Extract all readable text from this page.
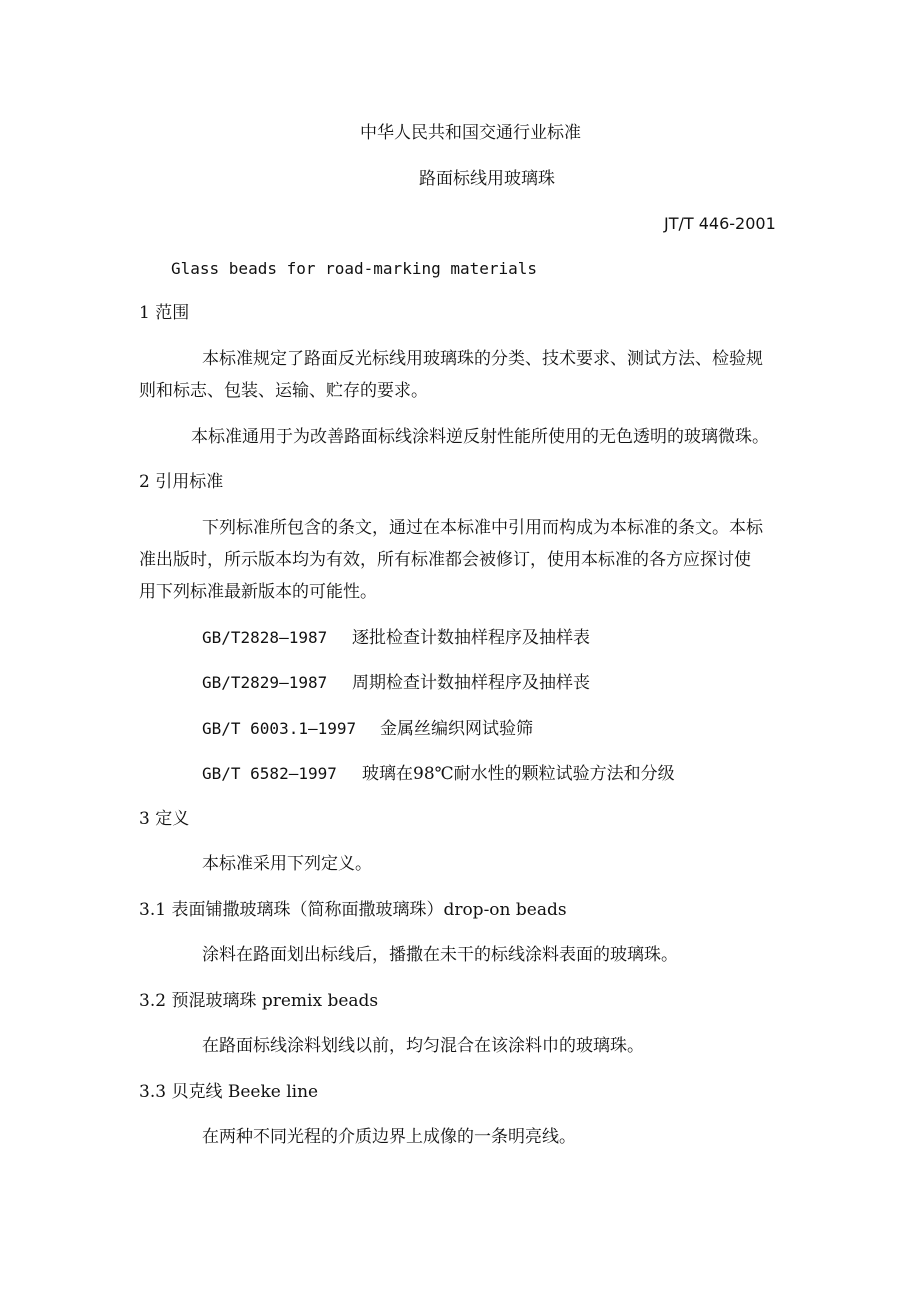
中华人民共和国交通行业标准
路面标线用玻璃珠
JT/T 446-2001
Glass beads for road-marking materials
1 范围
本标准规定了路面反光标线用玻璃珠的分类、技术要求、测试方法、检验规
则和标志、包装、运输、贮存的要求。
本标准通用于为改善路面标线涂料逆反射性能所使用的无色透明的玻璃微珠。
2 引用标准
下列标准所包含的条文，通过在本标准中引用而构成为本标准的条文。本标
准出版时，所示版本均为有效，所有标准都会被修订，使用本标准的各方应探讨使
用下列标准最新版本的可能性。
GB/T2828—1987 逐批检查计数抽样程序及抽样表
GB/T2829—1987 周期检查计数抽样程序及抽样丧
GB/T 6003.1—1997 金属丝编织网试验筛
GB/T 6582—1997 玻璃在98℃耐水性的颗粒试验方法和分级
3 定义
本标准采用下列定义。
3.1 表面铺撒玻璃珠（简称面撒玻璃珠）drop-on beads
涂料在路面划出标线后，播撒在未干的标线涂料表面的玻璃珠。
3.2 预混玻璃珠 premix beads
在路面标线涂料划线以前，均匀混合在该涂料巾的玻璃珠。
3.3 贝克线 Beeke line
在两种不同光程的介质边界上成像的一条明亮线。
